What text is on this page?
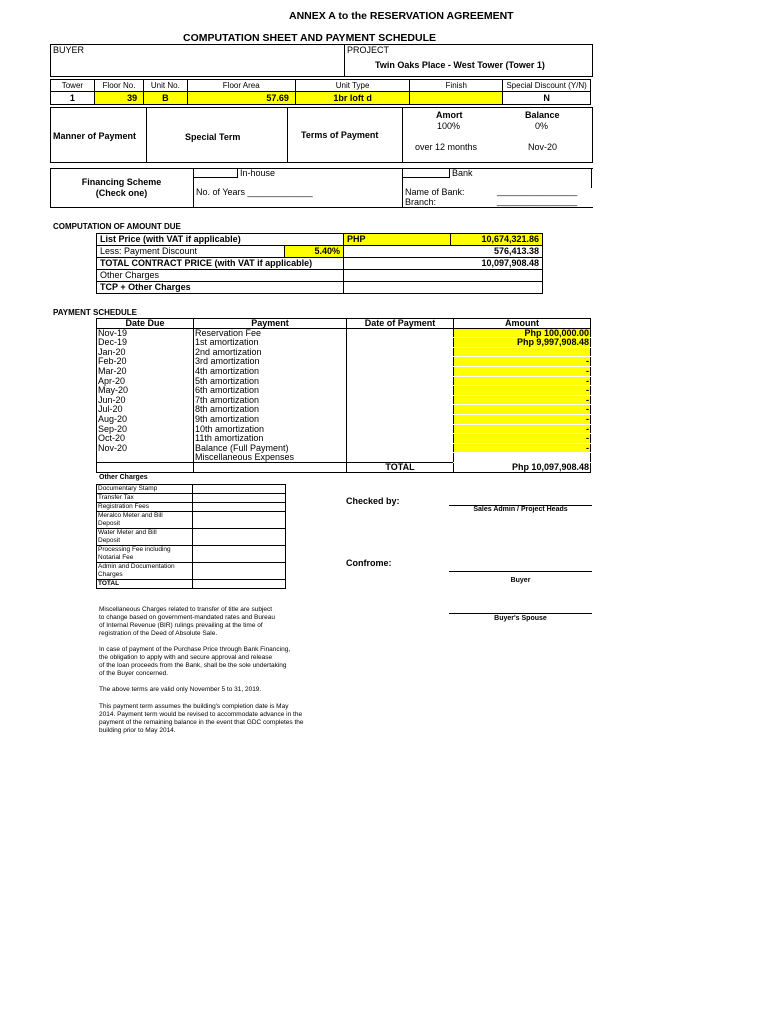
ANNEX A to the RESERVATION AGREEMENT
COMPUTATION SHEET AND PAYMENT SCHEDULE
BUYER	PROJECT
Twin Oaks Place - West Tower (Tower 1)
Tower	Floor No.	Unit No.	Floor Area	Unit Type	Finish	Special Discount (Y/N)
1	39	B	57.69	1br loft d		N
Manner of Payment	Special Term	Terms of Payment
Amort	Balance
100%	0%
over 12 months	Nov-20
Financing Scheme
(Check one)
In-house
No. of Years _____________
Bank
Name of Bank:
Branch:
________________
________________
COMPUTATION OF AMOUNT DUE
List Price (with VAT if applicable)		PHP	10,674,321.86
Less: Payment Discount	5.40%	576,413.38	
TOTAL CONTRACT PRICE (with VAT if applicable)		10,097,908.48	
Other Charges			
TCP + Other Charges			
PAYMENT SCHEDULE
Date Due	Payment	Date of Payment	Amount
Nov-19	Reservation Fee		Php 100,000.00
Dec-19	1st amortization		Php 9,997,908.48
Jan-20	2nd amortization		
Feb-20	3rd amortization		-
Mar-20	4th amortization		-
Apr-20	5th amortization		-
May-20	6th amortization		-
Jun-20	7th amortization		-
Jul-20	8th amortization		-
Aug-20	9th amortization		-
Sep-20	10th amortization		-
Oct-20	11th amortization		-
Nov-20	Balance (Full Payment)		-
	Miscellaneous Expenses		
		TOTAL	Php 10,097,908.48
Other Charges
Documentary Stamp	

Transfer Tax	

Registration Fees	

Meralco Meter and Bill
Deposit	

Water Meter and Bill
Deposit	

Processing Fee including
Notarial Fee	

Admin and Documentation
Charges	

TOTAL	
Checked by:
Sales Admin / Project Heads
Confrome:
Buyer
Buyer's Spouse
Miscellaneous Charges related to transfer of title are subject
to change based on government-mandated rates and Bureau
of Internal Revenue (BIR) rulings prevailing at the time of
registration of the Deed of Absolute Sale.
In case of payment of the Purchase Price through Bank Financing,
the obligation to apply with and secure approval and release
of the loan proceeds from the Bank, shall be the sole undertaking
of the Buyer concerned.
The above terms are valid only November 5 to 31, 2019.
This payment term assumes the building's completion date is May
2014. Payment term would be revised to accommodate advance in the
payment of the remaining balance in the event that GDC completes the
building prior to May 2014.
